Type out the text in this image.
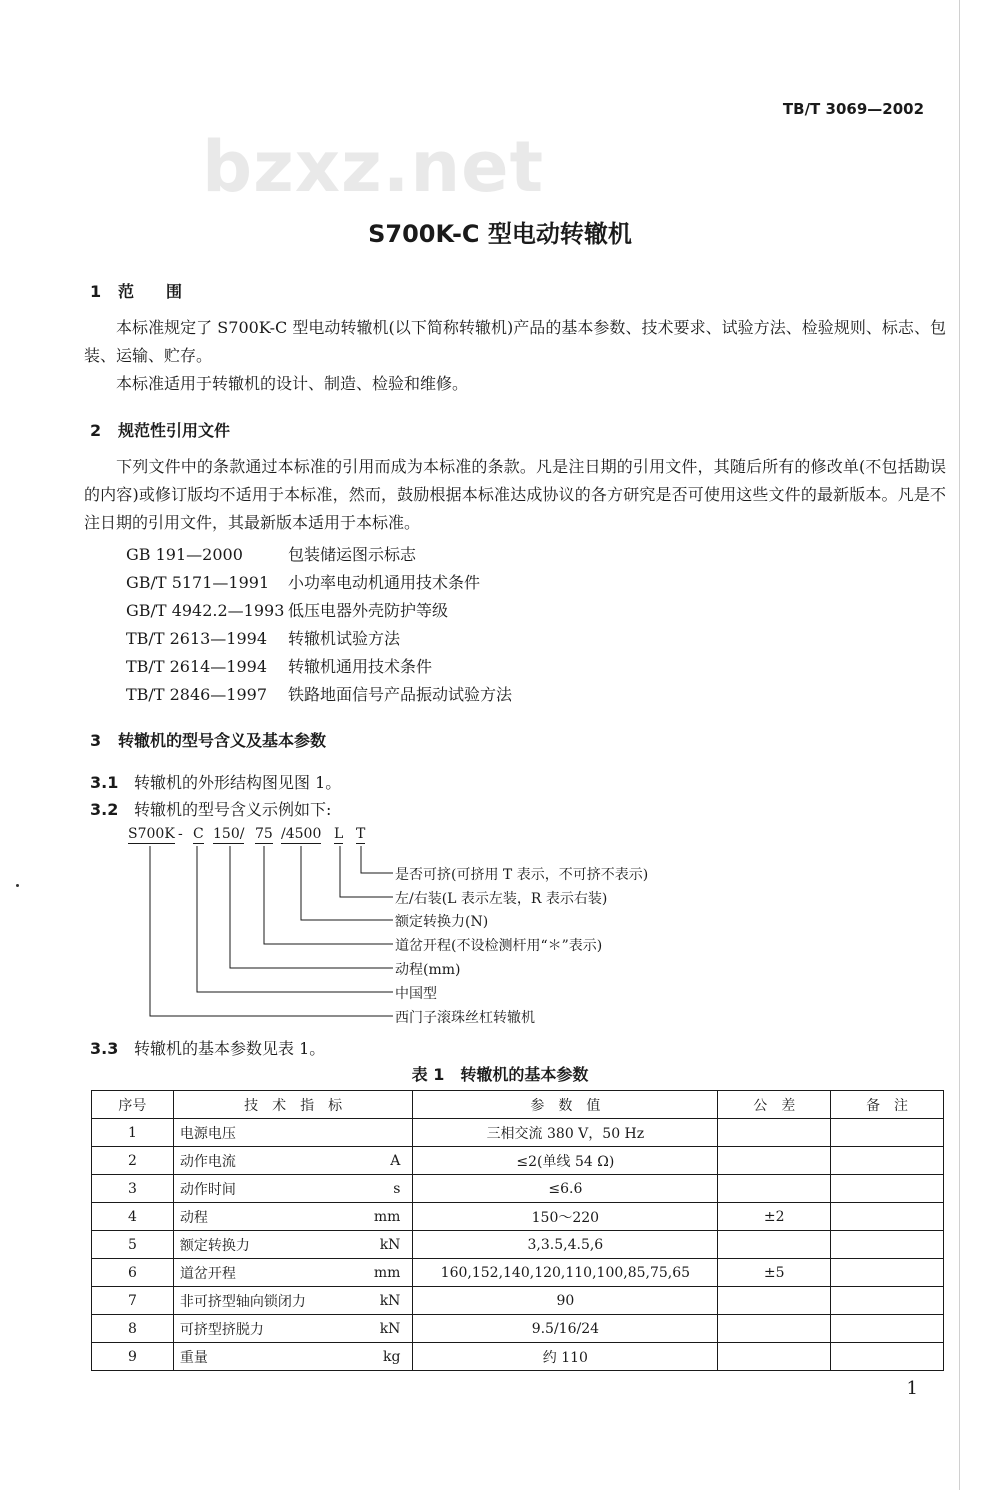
TB/T 3069—2002
bzxz.net
S700K-C 型电动转辙机
1 范　　围
本标准规定了 S700K-C 型电动转辙机(以下简称转辙机)产品的基本参数、技术要求、试验方法、检验规则、标志、包装、运输、贮存。
本标准适用于转辙机的设计、制造、检验和维修。
2 规范性引用文件
下列文件中的条款通过本标准的引用而成为本标准的条款。凡是注日期的引用文件，其随后所有的修改单(不包括勘误的内容)或修订版均不适用于本标准，然而，鼓励根据本标准达成协议的各方研究是否可使用这些文件的最新版本。凡是不注日期的引用文件，其最新版本适用于本标准。
GB 191—2000	包装储运图示标志
GB/T 5171—1991 小功率电动机通用技术条件
GB/T 4942.2—1993 低压电器外壳防护等级
TB/T 2613—1994 转辙机试验方法
TB/T 2614—1994 转辙机通用技术条件
TB/T 2846—1997 铁路地面信号产品振动试验方法
3 转辙机的型号含义及基本参数
3.1 转辙机的外形结构图见图 1。
3.2 转辙机的型号含义示例如下:
S700K - C 150/ 75 /4500 L T
是否可挤(可挤用 T 表示，不可挤不表示)
左/右装(L 表示左装，R 表示右装)
额定转换力(N)
道岔开程(不设检测杆用“＊”表示)
动程(mm)
中国型
西门子滚珠丝杠转辙机
3.3 转辙机的基本参数见表 1。
表 1　转辙机的基本参数
序号	技　术　指　标	参　数　值	公　差	备　注
1	电源电压	三相交流 380 V，50 Hz		
2	动作电流 A	≤2(单线 54 Ω)		
3	动作时间 s	≤6.6		
4	动程 mm	150～220	±2	
5	额定转换力 kN	3,3.5,4.5,6		
6	道岔开程 mm	160,152,140,120,110,100,85,75,65	±5	
7	非可挤型轴向锁闭力 kN	90		
8	可挤型挤脱力 kN	9.5/16/24		
9	重量 kg	约 110		
1
